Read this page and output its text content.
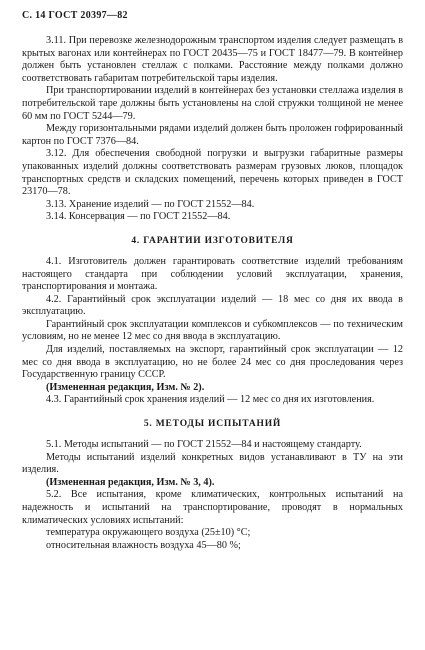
С. 14 ГОСТ 20397—82

3.11. При перевозке железнодорожным транспортом изделия следует размещать в крытых вагонах или контейнерах по ГОСТ 20435—75 и ГОСТ 18477—79. В контейнер должен быть установлен стеллаж с полками. Расстояние между полками должно соответствовать габаритам потребительской тары изделия.

При транспортировании изделий в контейнерах без установки стеллажа изделия в потребительской таре должны быть установлены на слой стружки толщиной не менее 60 мм по ГОСТ 5244—79.

Между горизонтальными рядами изделий должен быть проложен гофрированный картон по ГОСТ 7376—84.

3.12. Для обеспечения свободной погрузки и выгрузки габаритные размеры упакованных изделий должны соответствовать размерам грузовых люков, площадок транспортных средств и складских помещений, перечень которых приведен в ГОСТ 23170—78.

3.13. Хранение изделий — по ГОСТ 21552—84.

3.14. Консервация — по ГОСТ 21552—84.

4. ГАРАНТИИ ИЗГОТОВИТЕЛЯ

4.1. Изготовитель должен гарантировать соответствие изделий требованиям настоящего стандарта при соблюдении условий эксплуатации, хранения, транспортирования и монтажа.

4.2. Гарантийный срок эксплуатации изделий — 18 мес со дня их ввода в эксплуатацию.

Гарантийный срок эксплуатации комплексов и субкомплексов — по техническим условиям, но не менее 12 мес со дня ввода в эксплуатацию.

Для изделий, поставляемых на экспорт, гарантийный срок эксплуатации — 12 мес со дня ввода в эксплуатацию, но не более 24 мес со дня проследования через Государственную границу СССР.

(Измененная редакция, Изм. № 2).

4.3. Гарантийный срок хранения изделий — 12 мес со дня их изготовления.

5. МЕТОДЫ ИСПЫТАНИЙ

5.1. Методы испытаний — по ГОСТ 21552—84 и настоящему стандарту.

Методы испытаний изделий конкретных видов устанавливают в ТУ на эти изделия.

(Измененная редакция, Изм. № 3, 4).

5.2. Все испытания, кроме климатических, контрольных испытаний на надежность и испытаний на транспортирование, проводят в нормальных климатических условиях испытаний:

температура окружающего воздуха (25±10) °С;

относительная влажность воздуха 45—80 %;
